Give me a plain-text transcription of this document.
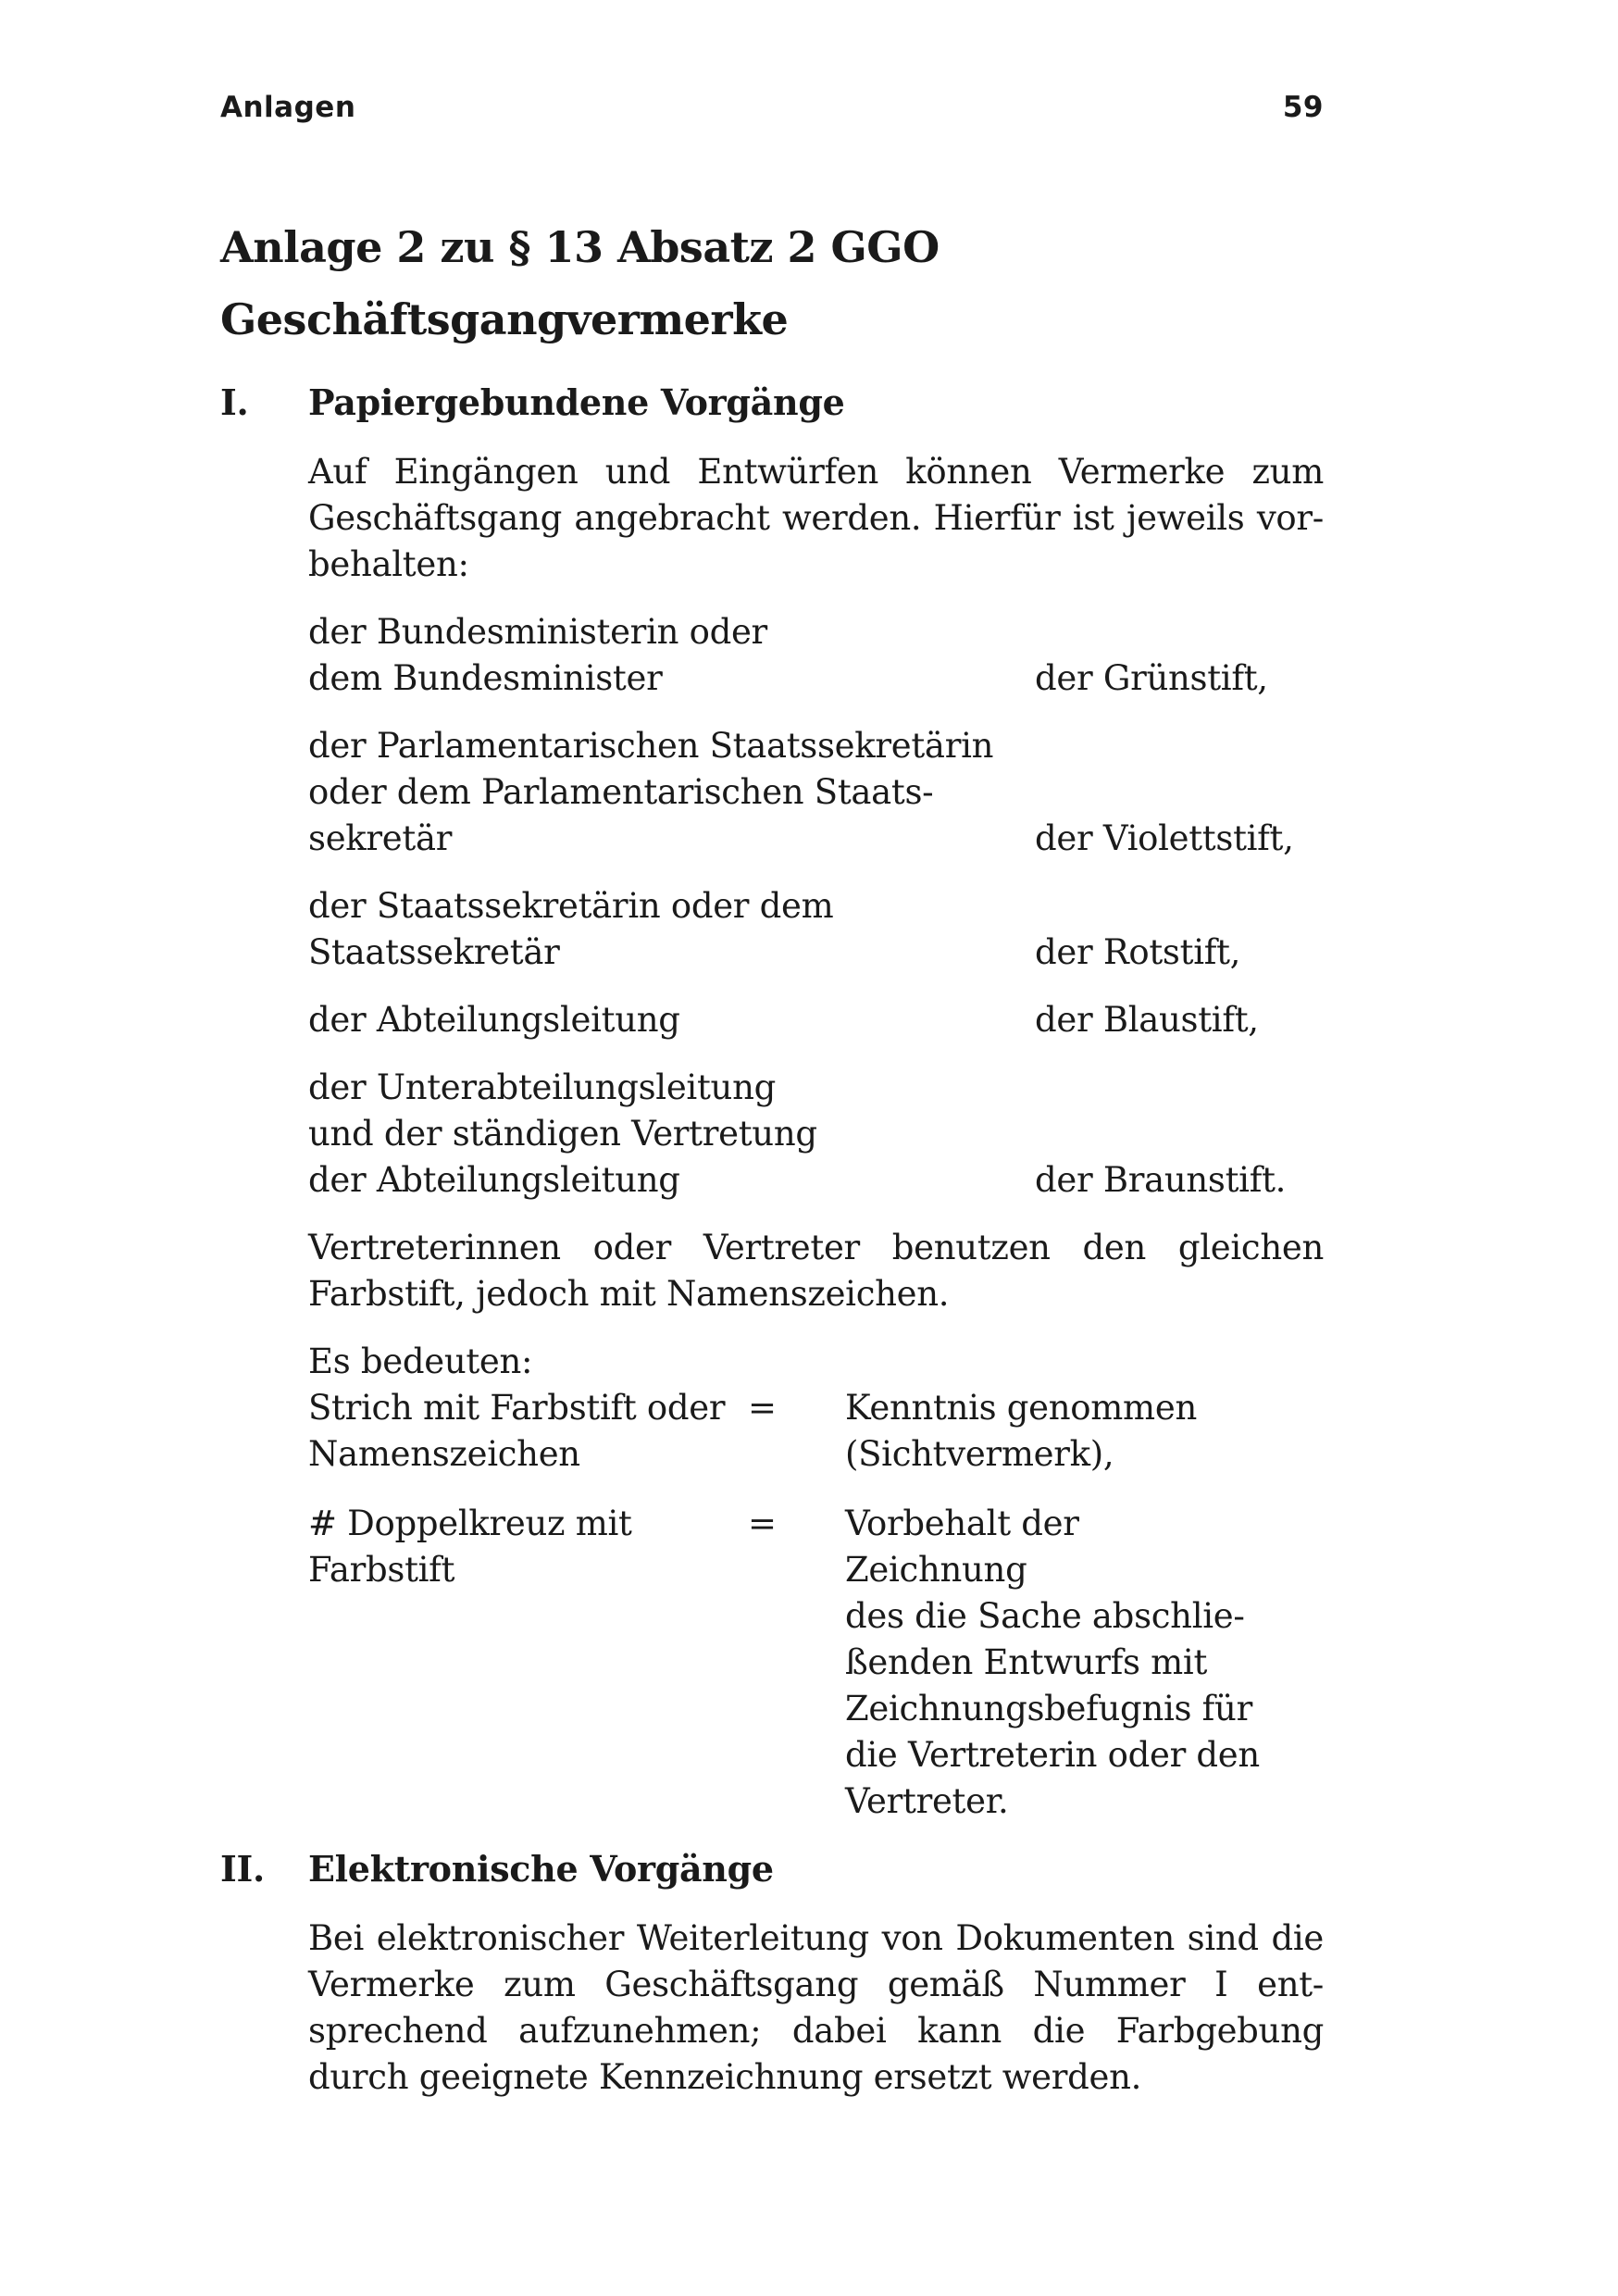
Anlagen	59
Anlage 2 zu § 13 Absatz 2 GGO
Geschäftsgangvermerke
I. Papiergebundene Vorgänge
Auf Eingängen und Entwürfen können Vermerke zum Geschäftsgang angebracht werden. Hierfür ist jeweils vor-behalten:
der Bundesministerin oder
dem Bundesminister	der Grünstift,
der Parlamentarischen Staatssekretärin
oder dem Parlamentarischen Staats-
sekretär	der Violettstift,
der Staatssekretärin oder dem
Staatssekretär	der Rotstift,
der Abteilungsleitung	der Blaustift,
der Unterabteilungsleitung
und der ständigen Vertretung
der Abteilungsleitung	der Braunstift.
Vertreterinnen oder Vertreter benutzen den gleichen Farbstift, jedoch mit Namenszeichen.
Es bedeuten:
Strich mit Farbstift oder
Namenszeichen
=	Kenntnis genommen
(Sichtvermerk),
# Doppelkreuz mit
Farbstift
=	Vorbehalt der Zeichnung
des die Sache abschlie-
ßenden Entwurfs mit
Zeichnungsbefugnis für
die Vertreterin oder den
Vertreter.
II. Elektronische Vorgänge
Bei elektronischer Weiterleitung von Dokumenten sind die Vermerke zum Geschäftsgang gemäß Nummer I ent- sprechend aufzunehmen; dabei kann die Farbgebung durch geeignete Kennzeichnung ersetzt werden.
